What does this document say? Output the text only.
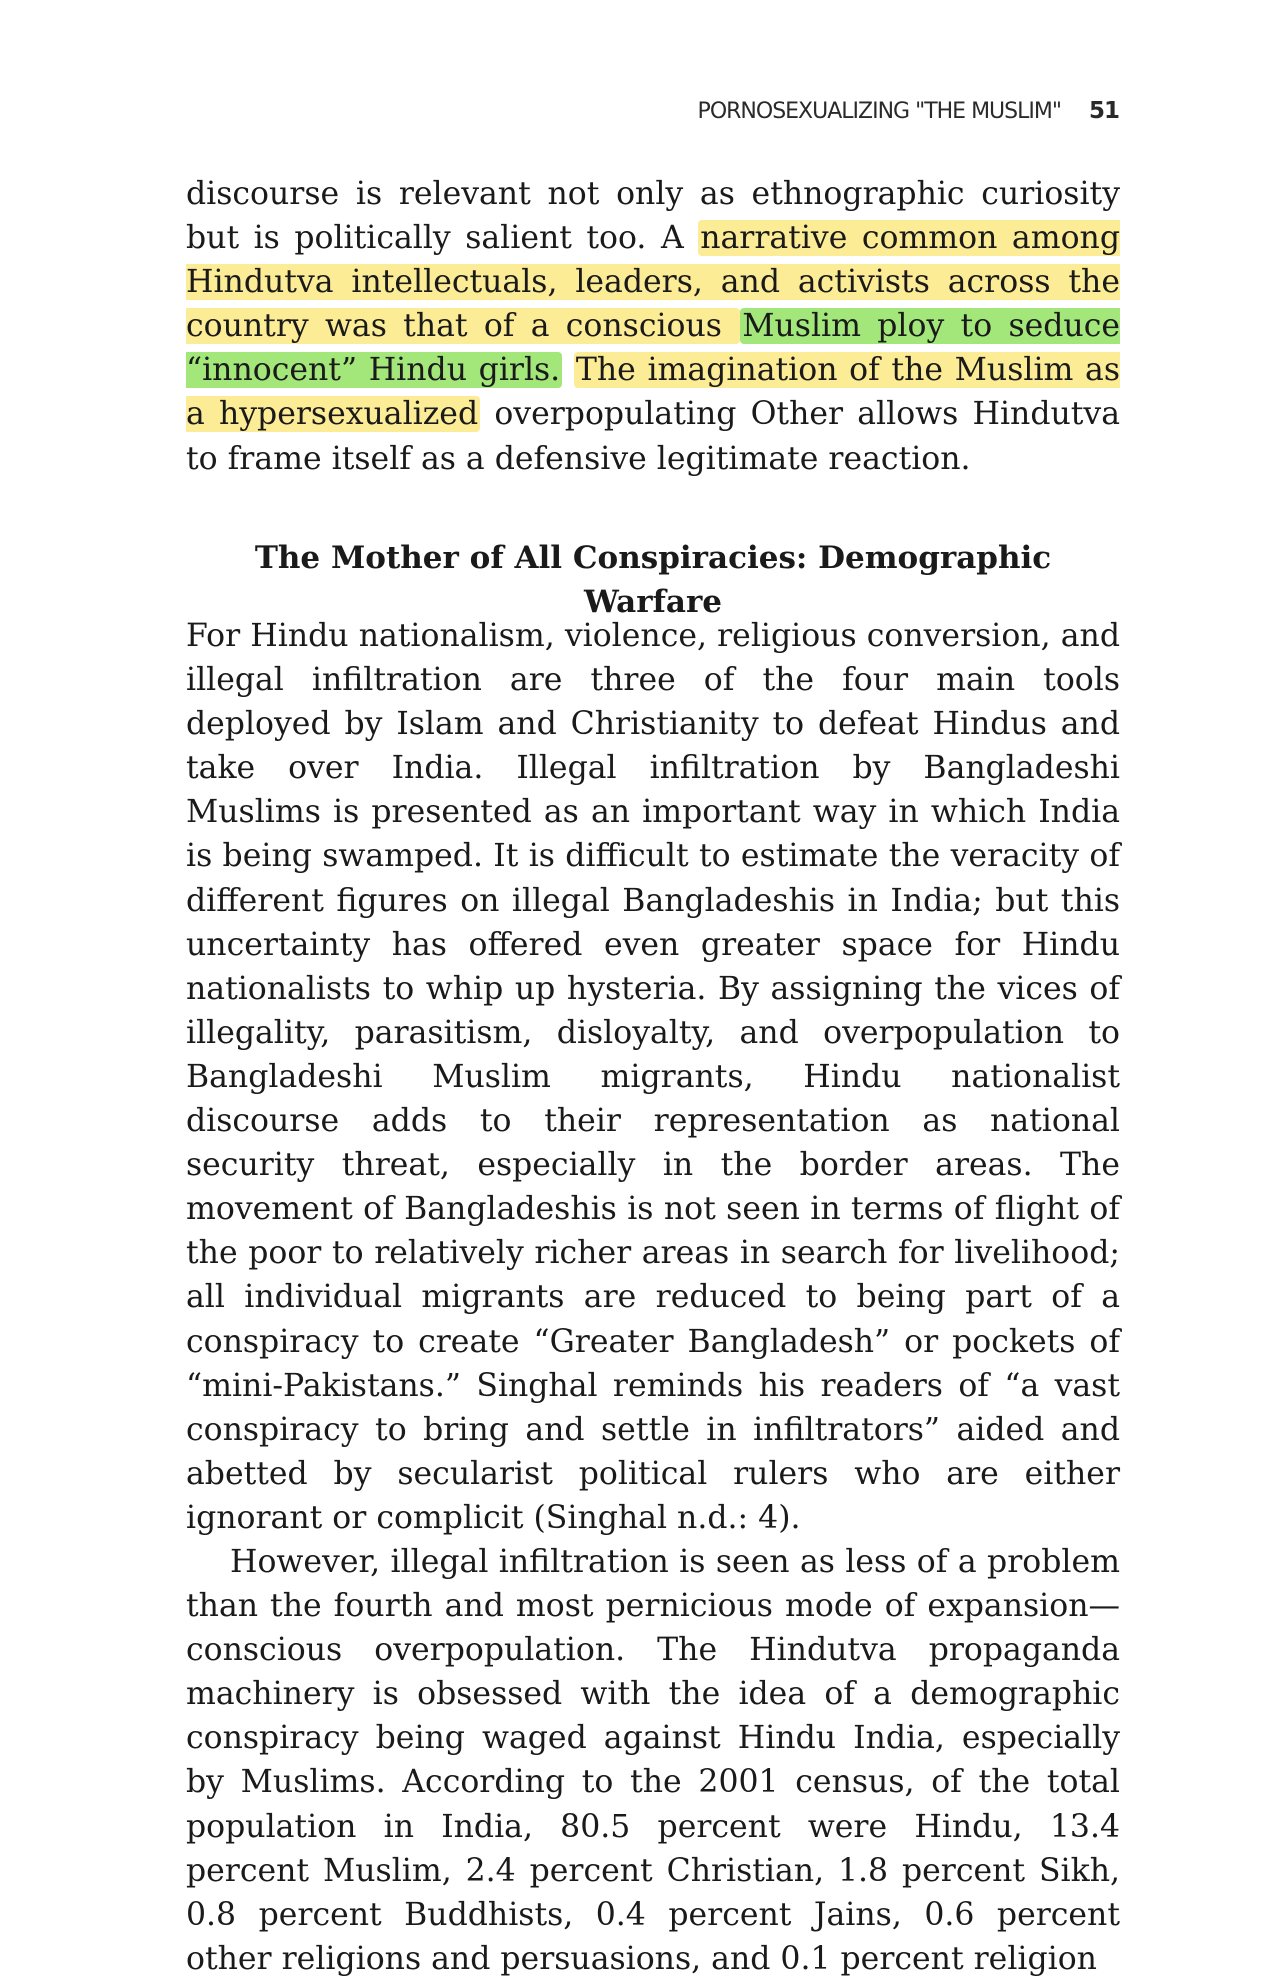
PORNOSEXUALIZING "THE MUSLIM" 51

discourse is relevant not only as ethnographic curiosity but is politically salient too. A narrative common among Hindutva intellectuals, leaders, and activists across the country was that of a conscious Muslim ploy to seduce “innocent” Hindu girls. The imagination of the Muslim as a hypersexualized overpopulating Other allows Hindutva to frame itself as a defensive legitimate reaction.

The Mother of All Conspiracies: Demographic Warfare

For Hindu nationalism, violence, religious conversion, and illegal infiltration are three of the four main tools deployed by Islam and Christianity to defeat Hindus and take over India. Illegal infiltration by Bangladeshi Muslims is presented as an important way in which India is being swamped. It is difficult to estimate the veracity of different figures on illegal Bangladeshis in India; but this uncertainty has offered even greater space for Hindu nationalists to whip up hysteria. By assigning the vices of illegality, parasitism, disloyalty, and overpopulation to Bangladeshi Muslim migrants, Hindu nationalist discourse adds to their representation as national security threat, especially in the border areas. The movement of Bangladeshis is not seen in terms of flight of the poor to relatively richer areas in search for livelihood; all individual migrants are reduced to being part of a conspiracy to create “Greater Bangladesh” or pockets of “mini-Pakistans.” Singhal reminds his readers of “a vast conspiracy to bring and settle in infiltrators” aided and abetted by secularist political rulers who are either ignorant or complicit (Singhal n.d.: 4).

However, illegal infiltration is seen as less of a problem than the fourth and most pernicious mode of expansion—conscious overpopulation. The Hindutva propaganda machinery is obsessed with the idea of a demographic conspiracy being waged against Hindu India, especially by Muslims. According to the 2001 census, of the total population in India, 80.5 percent were Hindu, 13.4 percent Muslim, 2.4 percent Christian, 1.8 percent Sikh, 0.8 percent Buddhists, 0.4 percent Jains, 0.6 percent other religions and persuasions, and 0.1 percent religion
